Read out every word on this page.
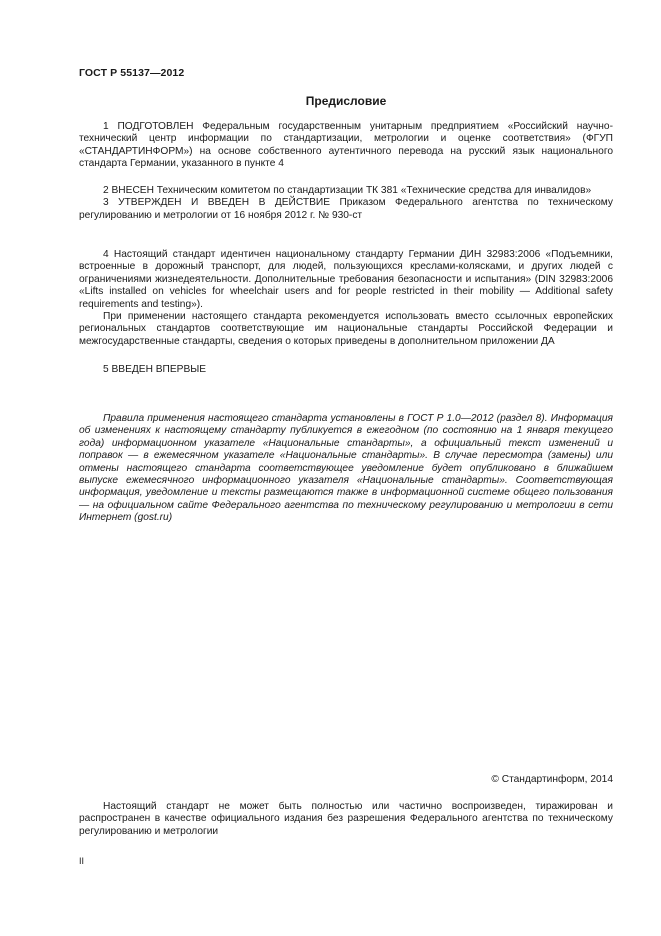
ГОСТ Р 55137—2012
Предисловие

1 ПОДГОТОВЛЕН Федеральным государственным унитарным предприятием «Российский научно-технический центр информации по стандартизации, метрологии и оценке соответствия» (ФГУП «СТАНДАРТИНФОРМ») на основе собственного аутентичного перевода на русский язык национального стандарта Германии, указанного в пункте 4

2 ВНЕСЕН Техническим комитетом по стандартизации ТК 381 «Технические средства для инвалидов»

3 УТВЕРЖДЕН И ВВЕДЕН В ДЕЙСТВИЕ Приказом Федерального агентства по техническому регулированию и метрологии от 16 ноября 2012 г. № 930-ст

4 Настоящий стандарт идентичен национальному стандарту Германии ДИН 32983:2006 «Подъемники, встроенные в дорожный транспорт, для людей, пользующихся креслами-колясками, и других людей с ограничениями жизнедеятельности. Дополнительные требования безопасности и испытания» (DIN 32983:2006 «Lifts installed on vehicles for wheelchair users and for people restricted in their mobility — Additional safety requirements and testing»).

При применении настоящего стандарта рекомендуется использовать вместо ссылочных европейских региональных стандартов соответствующие им национальные стандарты Российской Федерации и межгосударственные стандарты, сведения о которых приведены в дополнительном приложении ДА

5 ВВЕДЕН ВПЕРВЫЕ

Правила применения настоящего стандарта установлены в ГОСТ Р 1.0—2012 (раздел 8). Информация об изменениях к настоящему стандарту публикуется в ежегодном (по состоянию на 1 января текущего года) информационном указателе «Национальные стандарты», а официальный текст изменений и поправок — в ежемесячном указателе «Национальные стандарты». В случае пересмотра (замены) или отмены настоящего стандарта соответствующее уведомление будет опубликовано в ближайшем выпуске ежемесячного информационного указателя «Национальные стандарты». Соответствующая информация, уведомление и тексты размещаются также в информационной системе общего пользования — на официальном сайте Федерального агентства по техническому регулированию и метрологии в сети Интернет (gost.ru)

© Стандартинформ, 2014

Настоящий стандарт не может быть полностью или частично воспроизведен, тиражирован и распространен в качестве официального издания без разрешения Федерального агентства по техническому регулированию и метрологии

II
